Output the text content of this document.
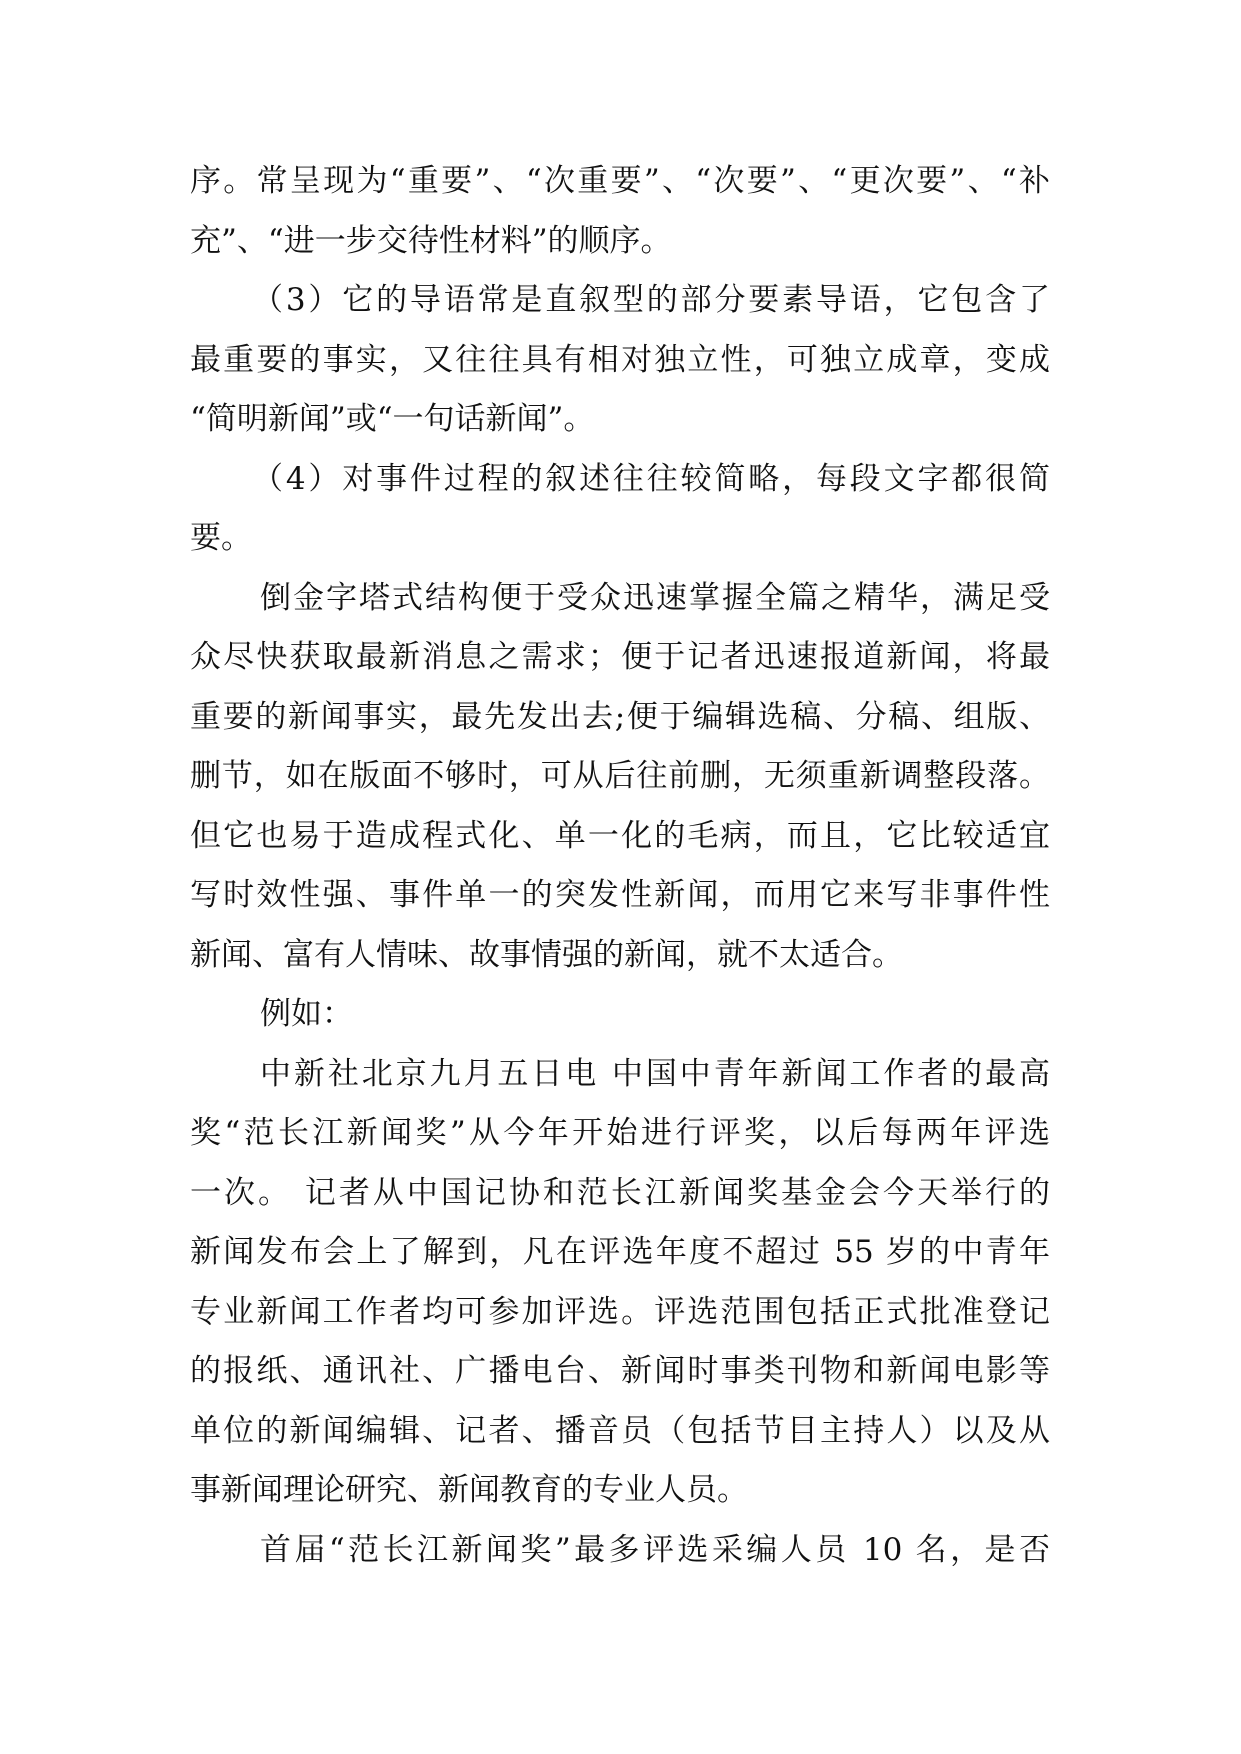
序。常呈现为“重要”、“次重要”、“次要”、“更次要”、“补
充”、“进一步交待性材料”的顺序。
（3）它的导语常是直叙型的部分要素导语，它包含了
最重要的事实，又往往具有相对独立性，可独立成章，变成
“简明新闻”或“一句话新闻”。
（4）对事件过程的叙述往往较简略，每段文字都很简
要。
倒金字塔式结构便于受众迅速掌握全篇之精华，满足受
众尽快获取最新消息之需求；便于记者迅速报道新闻，将最
重要的新闻事实，最先发出去;便于编辑选稿、分稿、组版、
删节，如在版面不够时，可从后往前删，无须重新调整段落。
但它也易于造成程式化、单一化的毛病，而且，它比较适宜
写时效性强、事件单一的突发性新闻，而用它来写非事件性
新闻、富有人情味、故事情强的新闻，就不太适合。
例如：
中新社北京九月五日电 中国中青年新闻工作者的最高
奖“范长江新闻奖”从今年开始进行评奖，以后每两年评选
一次。 记者从中国记协和范长江新闻奖基金会今天举行的
新闻发布会上了解到，凡在评选年度不超过 55 岁的中青年
专业新闻工作者均可参加评选。评选范围包括正式批准登记
的报纸、通讯社、广播电台、新闻时事类刊物和新闻电影等
单位的新闻编辑、记者、播音员（包括节目主持人）以及从
事新闻理论研究、新闻教育的专业人员。
首届“范长江新闻奖”最多评选采编人员 10 名，是否
